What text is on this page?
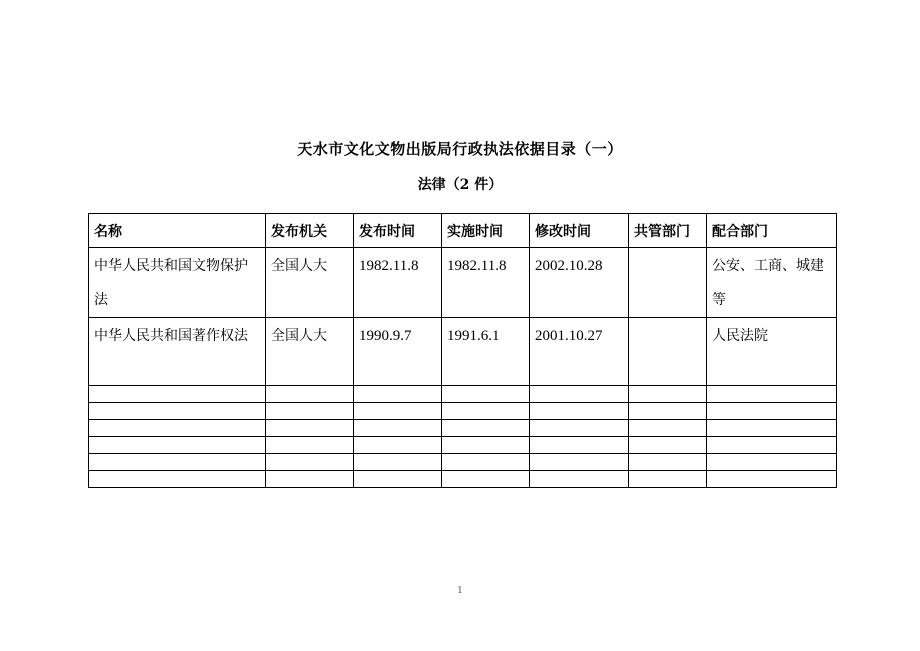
天水市文化文物出版局行政执法依据目录（一）
法律（2 件）
名称	发布机关	发布时间	实施时间	修改时间	共管部门	配合部门
中华人民共和国文物保护法	全国人大	1982.11.8	1982.11.8	2002.10.28		公安、工商、城建等
中华人民共和国著作权法	全国人大	1990.9.7	1991.6.1	2001.10.27		人民法院

1
